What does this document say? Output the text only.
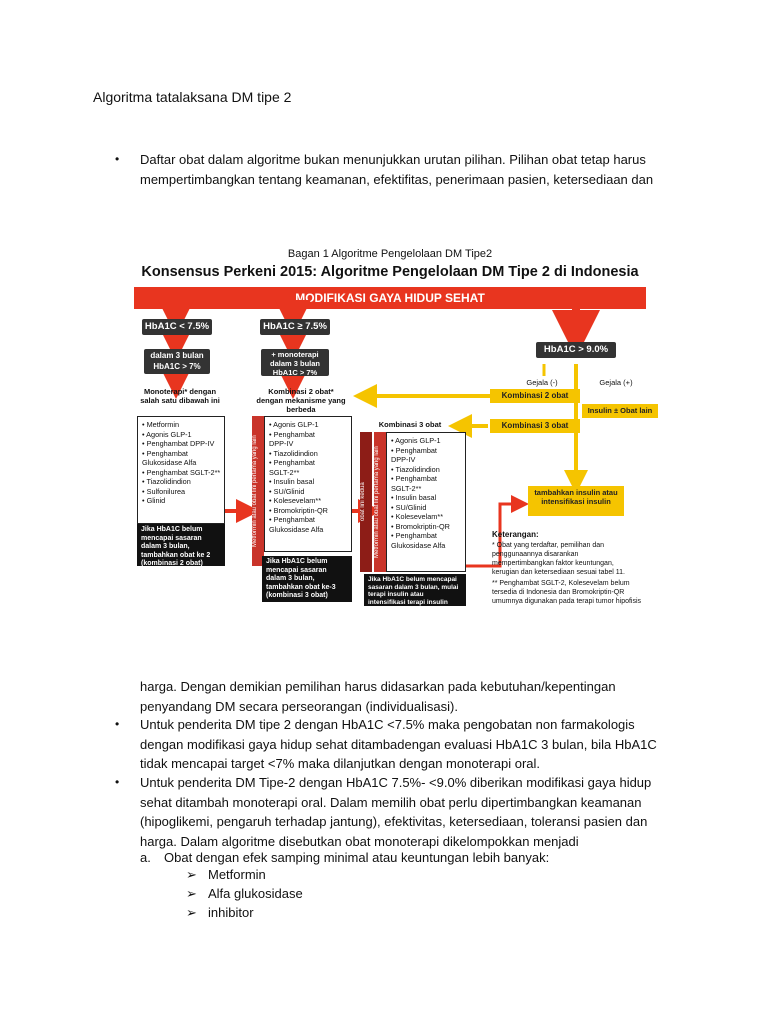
Algoritma tatalaksana DM tipe 2
• Daftar obat dalam algoritme bukan menunjukkan urutan pilihan. Pilihan obat tetap harus
mempertimbangkan tentang keamanan, efektifitas, penerimaan pasien, ketersediaan dan
Bagan 1 Algoritme Pengelolaan DM Tipe2
Konsensus Perkeni 2015: Algoritme Pengelolaan DM Tipe 2 di Indonesia
MODIFIKASI GAYA HIDUP SEHAT
HbA1C < 7.5%	HbA1C ≥ 7.5%
HbA1C > 9.0%
dalam 3 bulan HbA1C > 7%
+ monoterapi dalam 3 bulan HbA1C > 7%
Monoterapi* dengan salah satu dibawah ini
Kombinasi 2 obat* dengan mekanisme yang berbeda
Kombinasi 3 obat
Gejala (-)	Gejala (+)
Kombinasi 2 obat
Insulin ± Obat lain
Kombinasi 3 obat
tambahkan insulin atau intensifikasi insulin
• Metformin
• Agonis GLP-1
• Penghambat DPP-IV
• Penghambat
Glukosidase Alfa
• Penghambat SGLT-2**
• Tiazolidindion
• Sulfonilurea
• Glinid
Jika HbA1C belum mencapai sasaran dalam 3 bulan, tambahkan obat ke 2 (kombinasi 2 obat)
Metformin atau obat lini pertama yang lain
• Agonis GLP-1
• Penghambat
DPP-IV
• Tiazolidindion
• Penghambat
SGLT-2**
• Insulin basal
• SU/Glinid
• Kolesevelam**
• Bromokriptin-QR
• Penghambat
Glukosidase Alfa
Jika HbA1C belum mencapai sasaran dalam 3 bulan, tambahkan obat ke-3 (kombinasi 3 obat)
Metformin atau obat lini pertama yang lain
obat lini kedua
• Agonis GLP-1
• Penghambat
DPP-IV
• Tiazolidindion
• Penghambat
SGLT-2**
• Insulin basal
• SU/Glinid
• Kolesevelam**
• Bromokriptin-QR
• Penghambat
Glukosidase Alfa
Jika HbA1C belum mencapai sasaran dalam 3 bulan, mulai terapi insulin atau intensifikasi terapi insulin
Keterangan:
* Obat yang terdaftar, pemilihan dan penggunaannya disarankan mempertimbangkan faktor keuntungan, kerugian dan ketersediaan sesuai tabel 11.
** Penghambat SGLT-2, Kolesevelam belum tersedia di Indonesia dan Bromokriptin-QR umumnya digunakan pada terapi tumor hipofisis
harga. Dengan demikian pemilihan harus didasarkan pada kebutuhan/kepentingan
penyandang DM secara perseorangan (individualisasi).
• Untuk penderita DM tipe 2 dengan HbA1C <7.5% maka pengobatan non farmakologis
dengan modifikasi gaya hidup sehat ditambadengan evaluasi HbA1C 3 bulan, bila HbA1C
tidak mencapai target <7% maka dilanjutkan dengan monoterapi oral.
• Untuk penderita DM Tipe-2 dengan HbA1C 7.5%- <9.0% diberikan modifikasi gaya hidup
sehat ditambah monoterapi oral. Dalam memilih obat perlu dipertimbangkan keamanan
(hipoglikemi, pengaruh terhadap jantung), efektivitas, ketersediaan, toleransi pasien dan
harga. Dalam algoritme disebutkan obat monoterapi dikelompokkan menjadi
a. Obat dengan efek samping minimal atau keuntungan lebih banyak:
➢ Metformin
➢ Alfa glukosidase
➢ inhibitor
